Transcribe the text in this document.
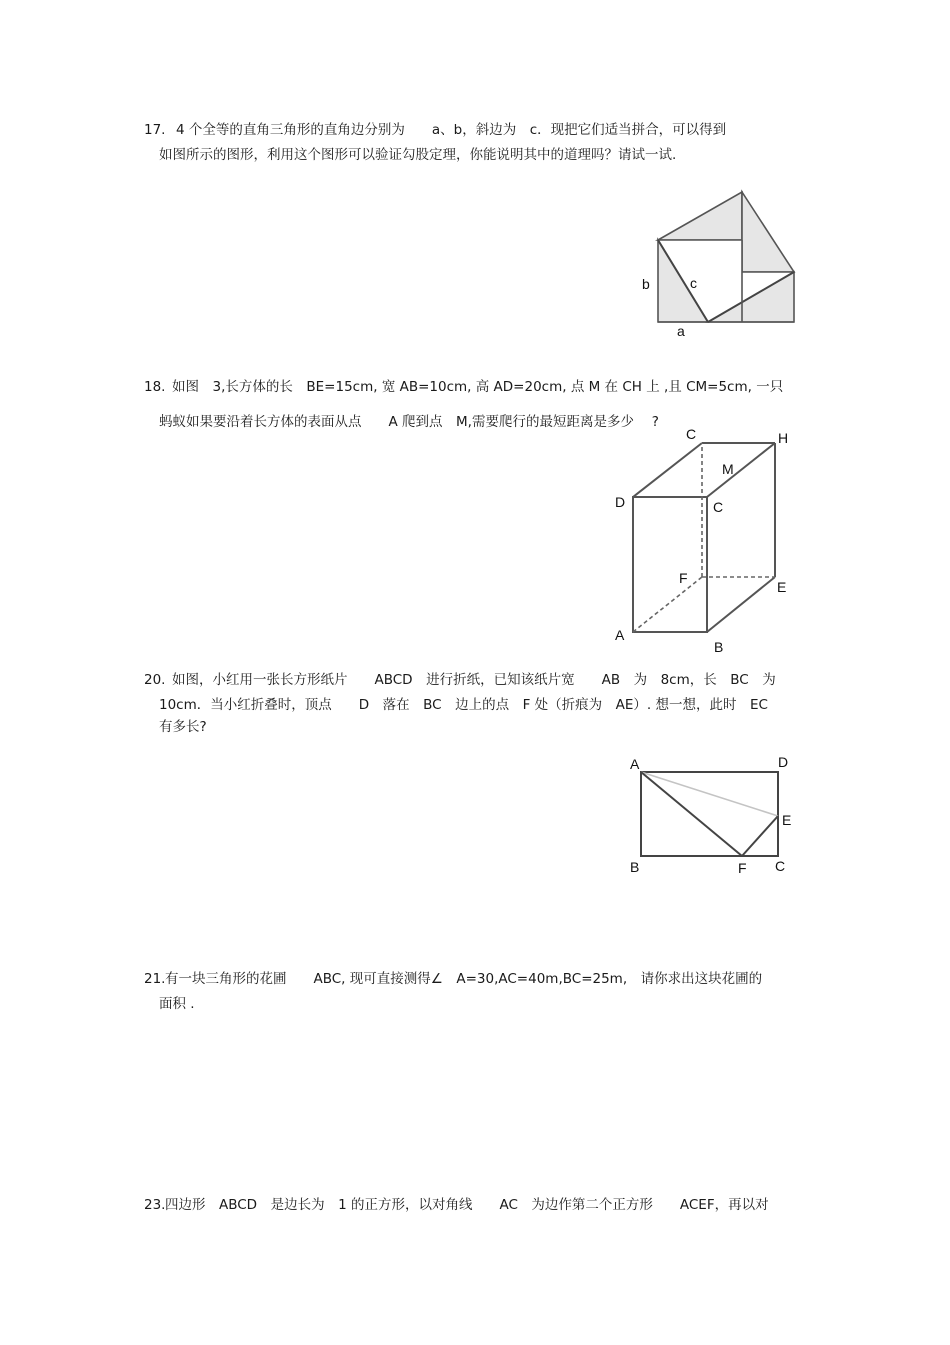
17. 4 个全等的直角三角形的直角边分别为　　a、b，斜边为　c．现把它们适当拼合，可以得到
如图所示的图形，利用这个图形可以验证勾股定理，你能说明其中的道理吗？请试一试.
b	c
a
18. 如图　3,长方体的长　BE=15cm, 宽 AB=10cm, 高 AD=20cm, 点 M 在 CH 上 ,且 CM=5cm, 一只
蚂蚁如果要沿着长方体的表面从点　　A 爬到点　M,需要爬行的最短距离是多少　 ?
C	H
M
D	C
F
E
A
B
20. 如图，小红用一张长方形纸片　　ABCD　进行折纸，已知该纸片宽　　AB　为　8cm，长　BC　为
10cm．当小红折叠时，顶点　　D　落在　BC　边上的点　F 处（折痕为　AE）. 想一想，此时　EC
有多长?
A	D
E
B	F C
21. 有一块三角形的花圃　　ABC, 现可直接测得∠　A=30,AC=40m,BC=25m,　请你求出这块花圃的
面积 .
23. 四边形　ABCD　是边长为　1 的正方形，以对角线　　AC　为边作第二个正方形　　ACEF，再以对
